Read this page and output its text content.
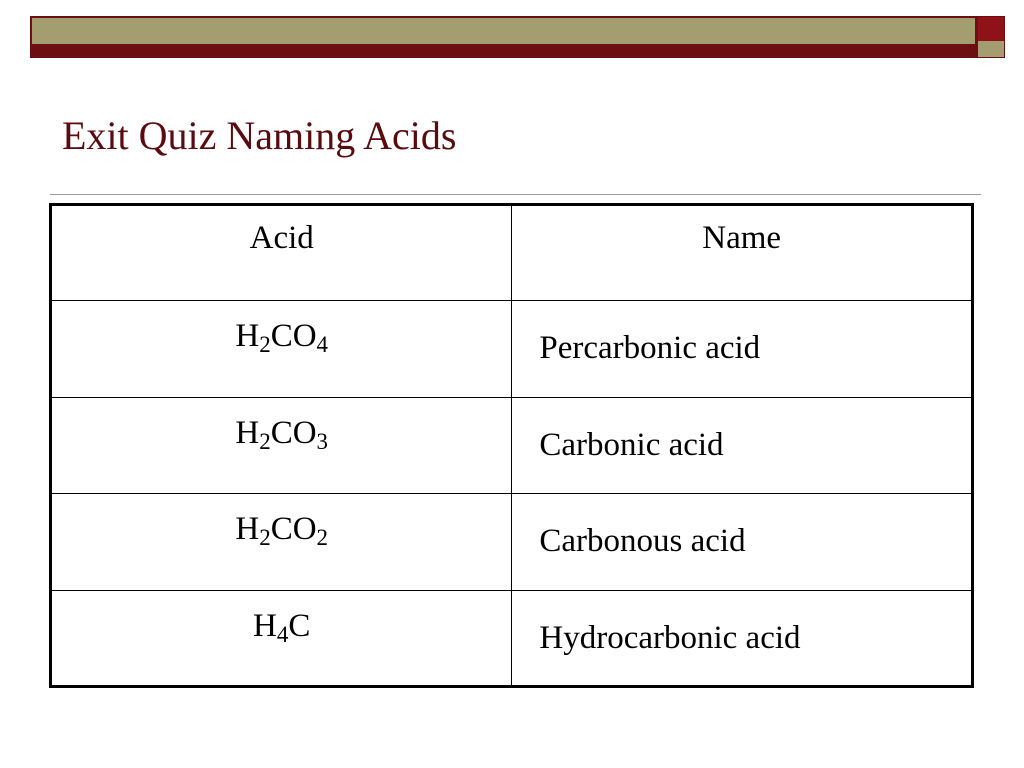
Exit Quiz Naming Acids
Acid	Name
$H_2CO_4$	Percarbonic acid
$H_2CO_3$	Carbonic acid
$H_2CO_2$	Carbonous acid
$H_4C$	Hydrocarbonic acid
